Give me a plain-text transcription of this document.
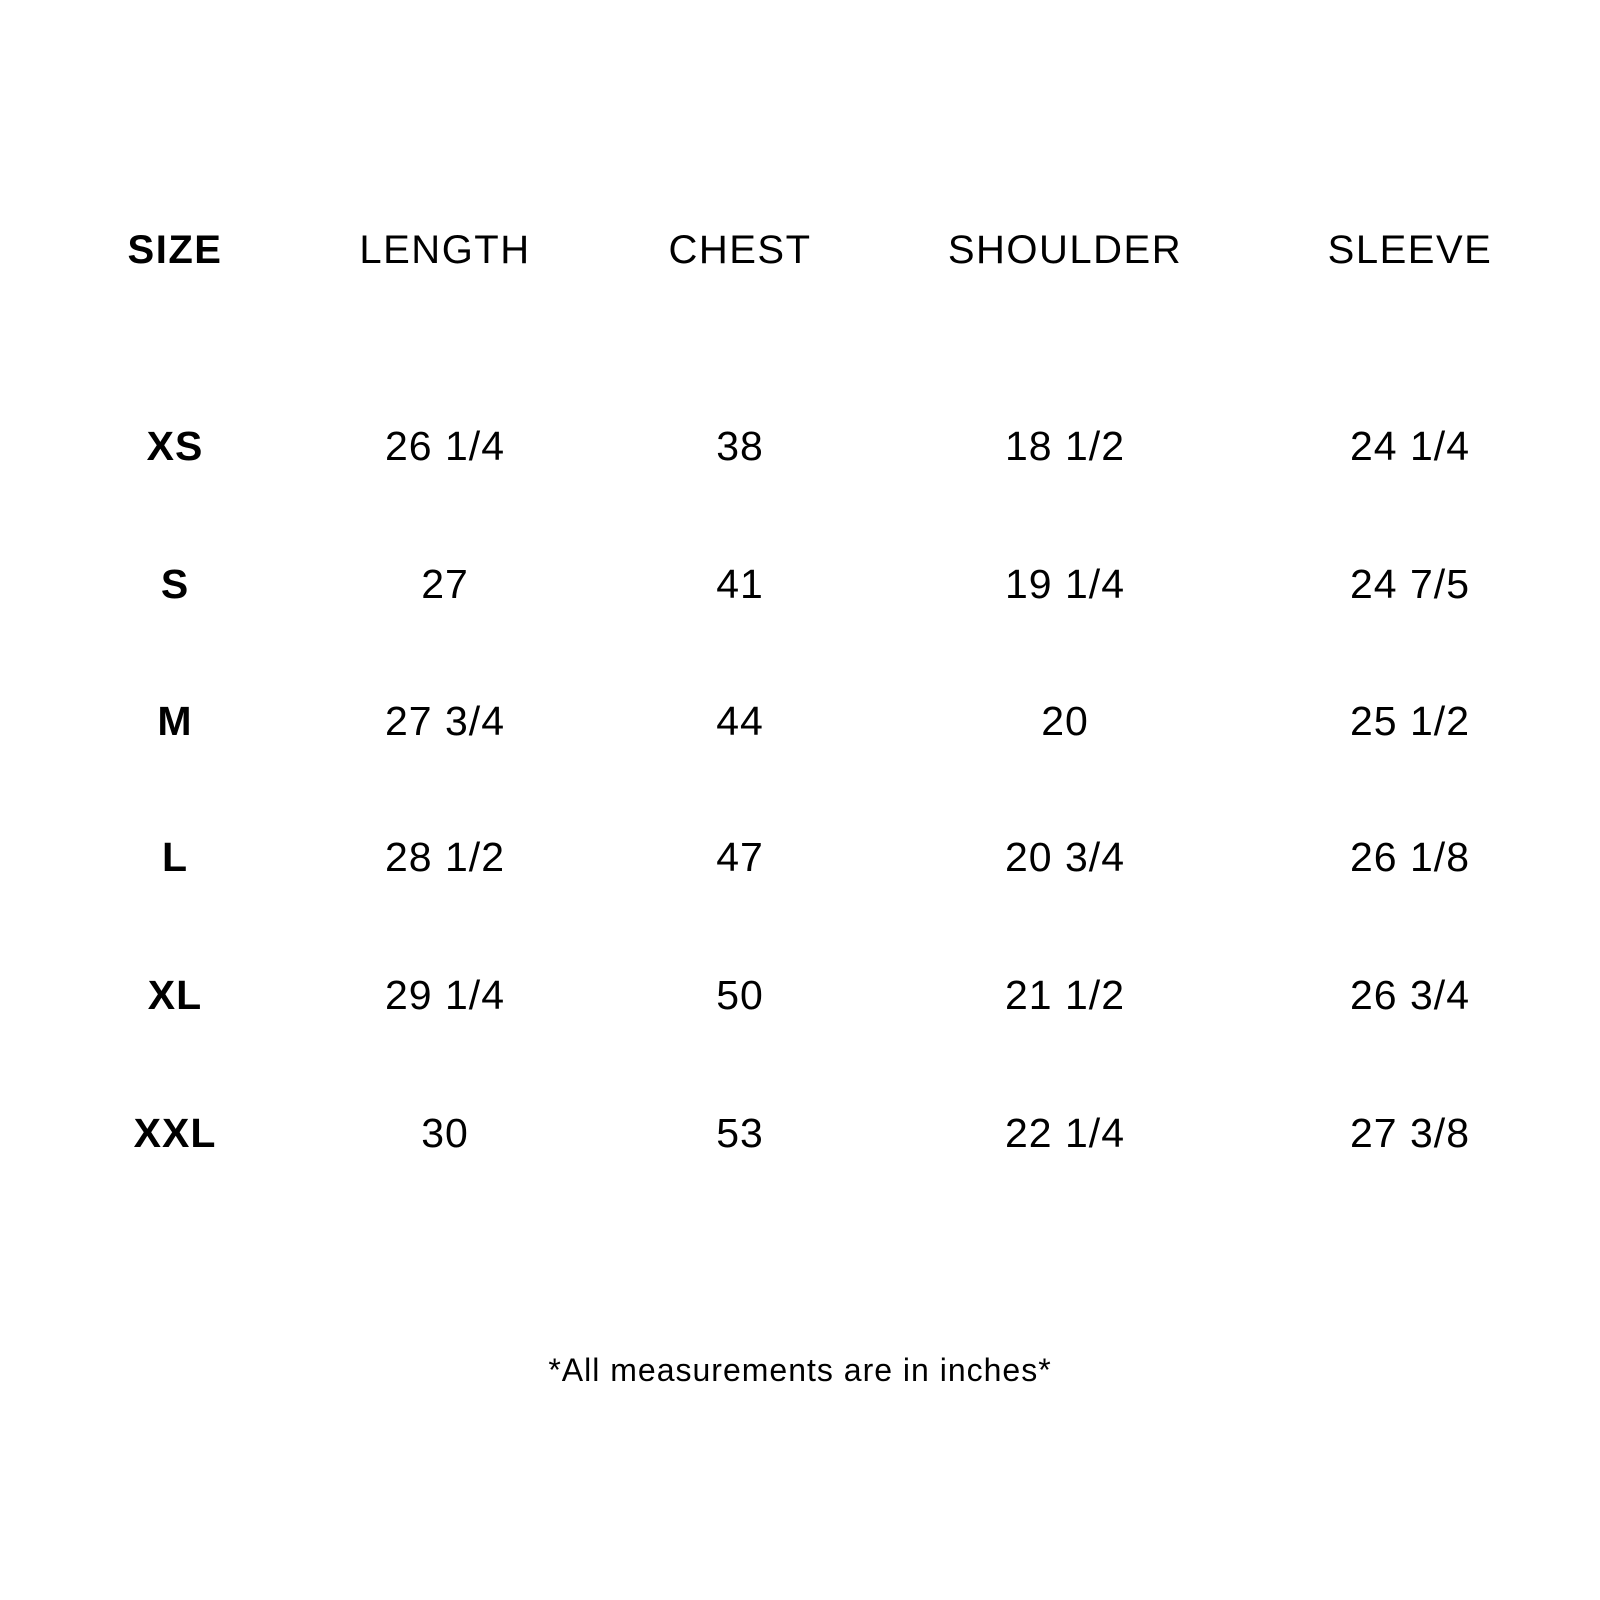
SIZE	LENGTH	CHEST	SHOULDER	SLEEVE
XS	26 1/4	38	18 1/2	24 1/4
S	27	41	19 1/4	24 7/5
M	27 3/4	44	20	25 1/2
L	28 1/2	47	20 3/4	26 1/8
XL	29 1/4	50	21 1/2	26 3/4
XXL	30	53	22 1/4	27 3/8
*All measurements are in inches*
